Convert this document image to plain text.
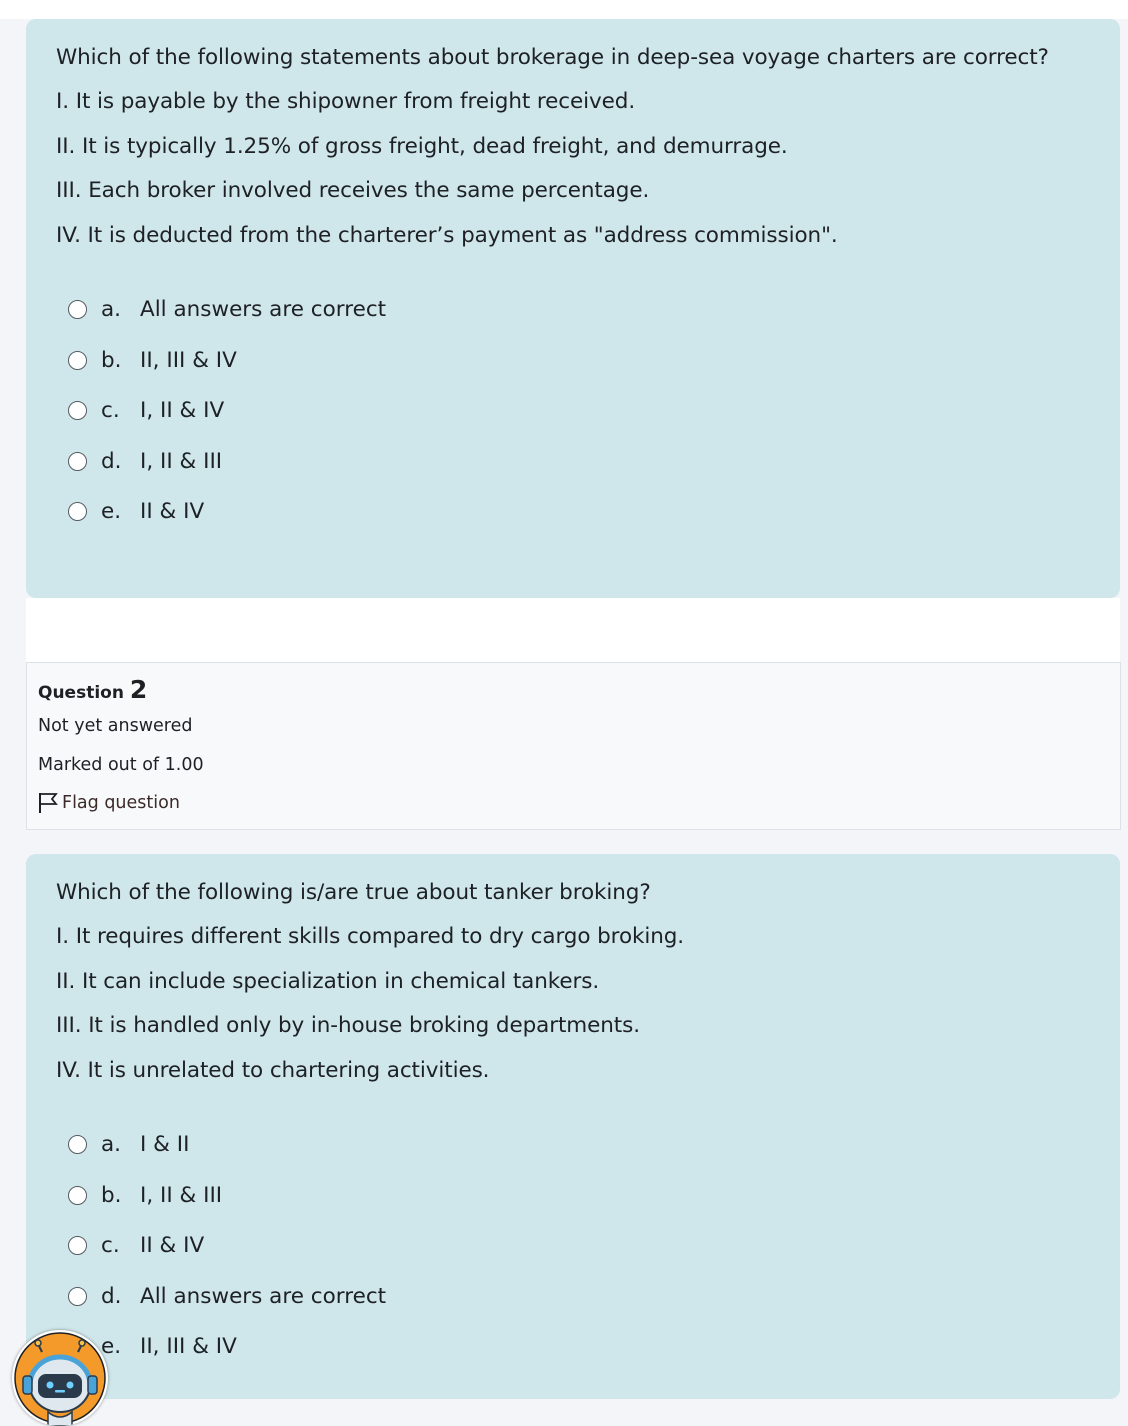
Which of the following statements about brokerage in deep-sea voyage charters are correct?

I. It is payable by the shipowner from freight received.

II. It is typically 1.25% of gross freight, dead freight, and demurrage.

III. Each broker involved receives the same percentage.

IV. It is deducted from the charterer’s payment as "address commission".

a. All answers are correct
b. II, III & IV
c. I, II & IV
d. I, II & III
e. II & IV
Question 2
Not yet answered
Marked out of 1.00
Flag question

Which of the following is/are true about tanker broking?

I. It requires different skills compared to dry cargo broking.

II. It can include specialization in chemical tankers.

III. It is handled only by in-house broking departments.

IV. It is unrelated to chartering activities.

a. I & II
b. I, II & III
c. II & IV
d. All answers are correct
e. II, III & IV
